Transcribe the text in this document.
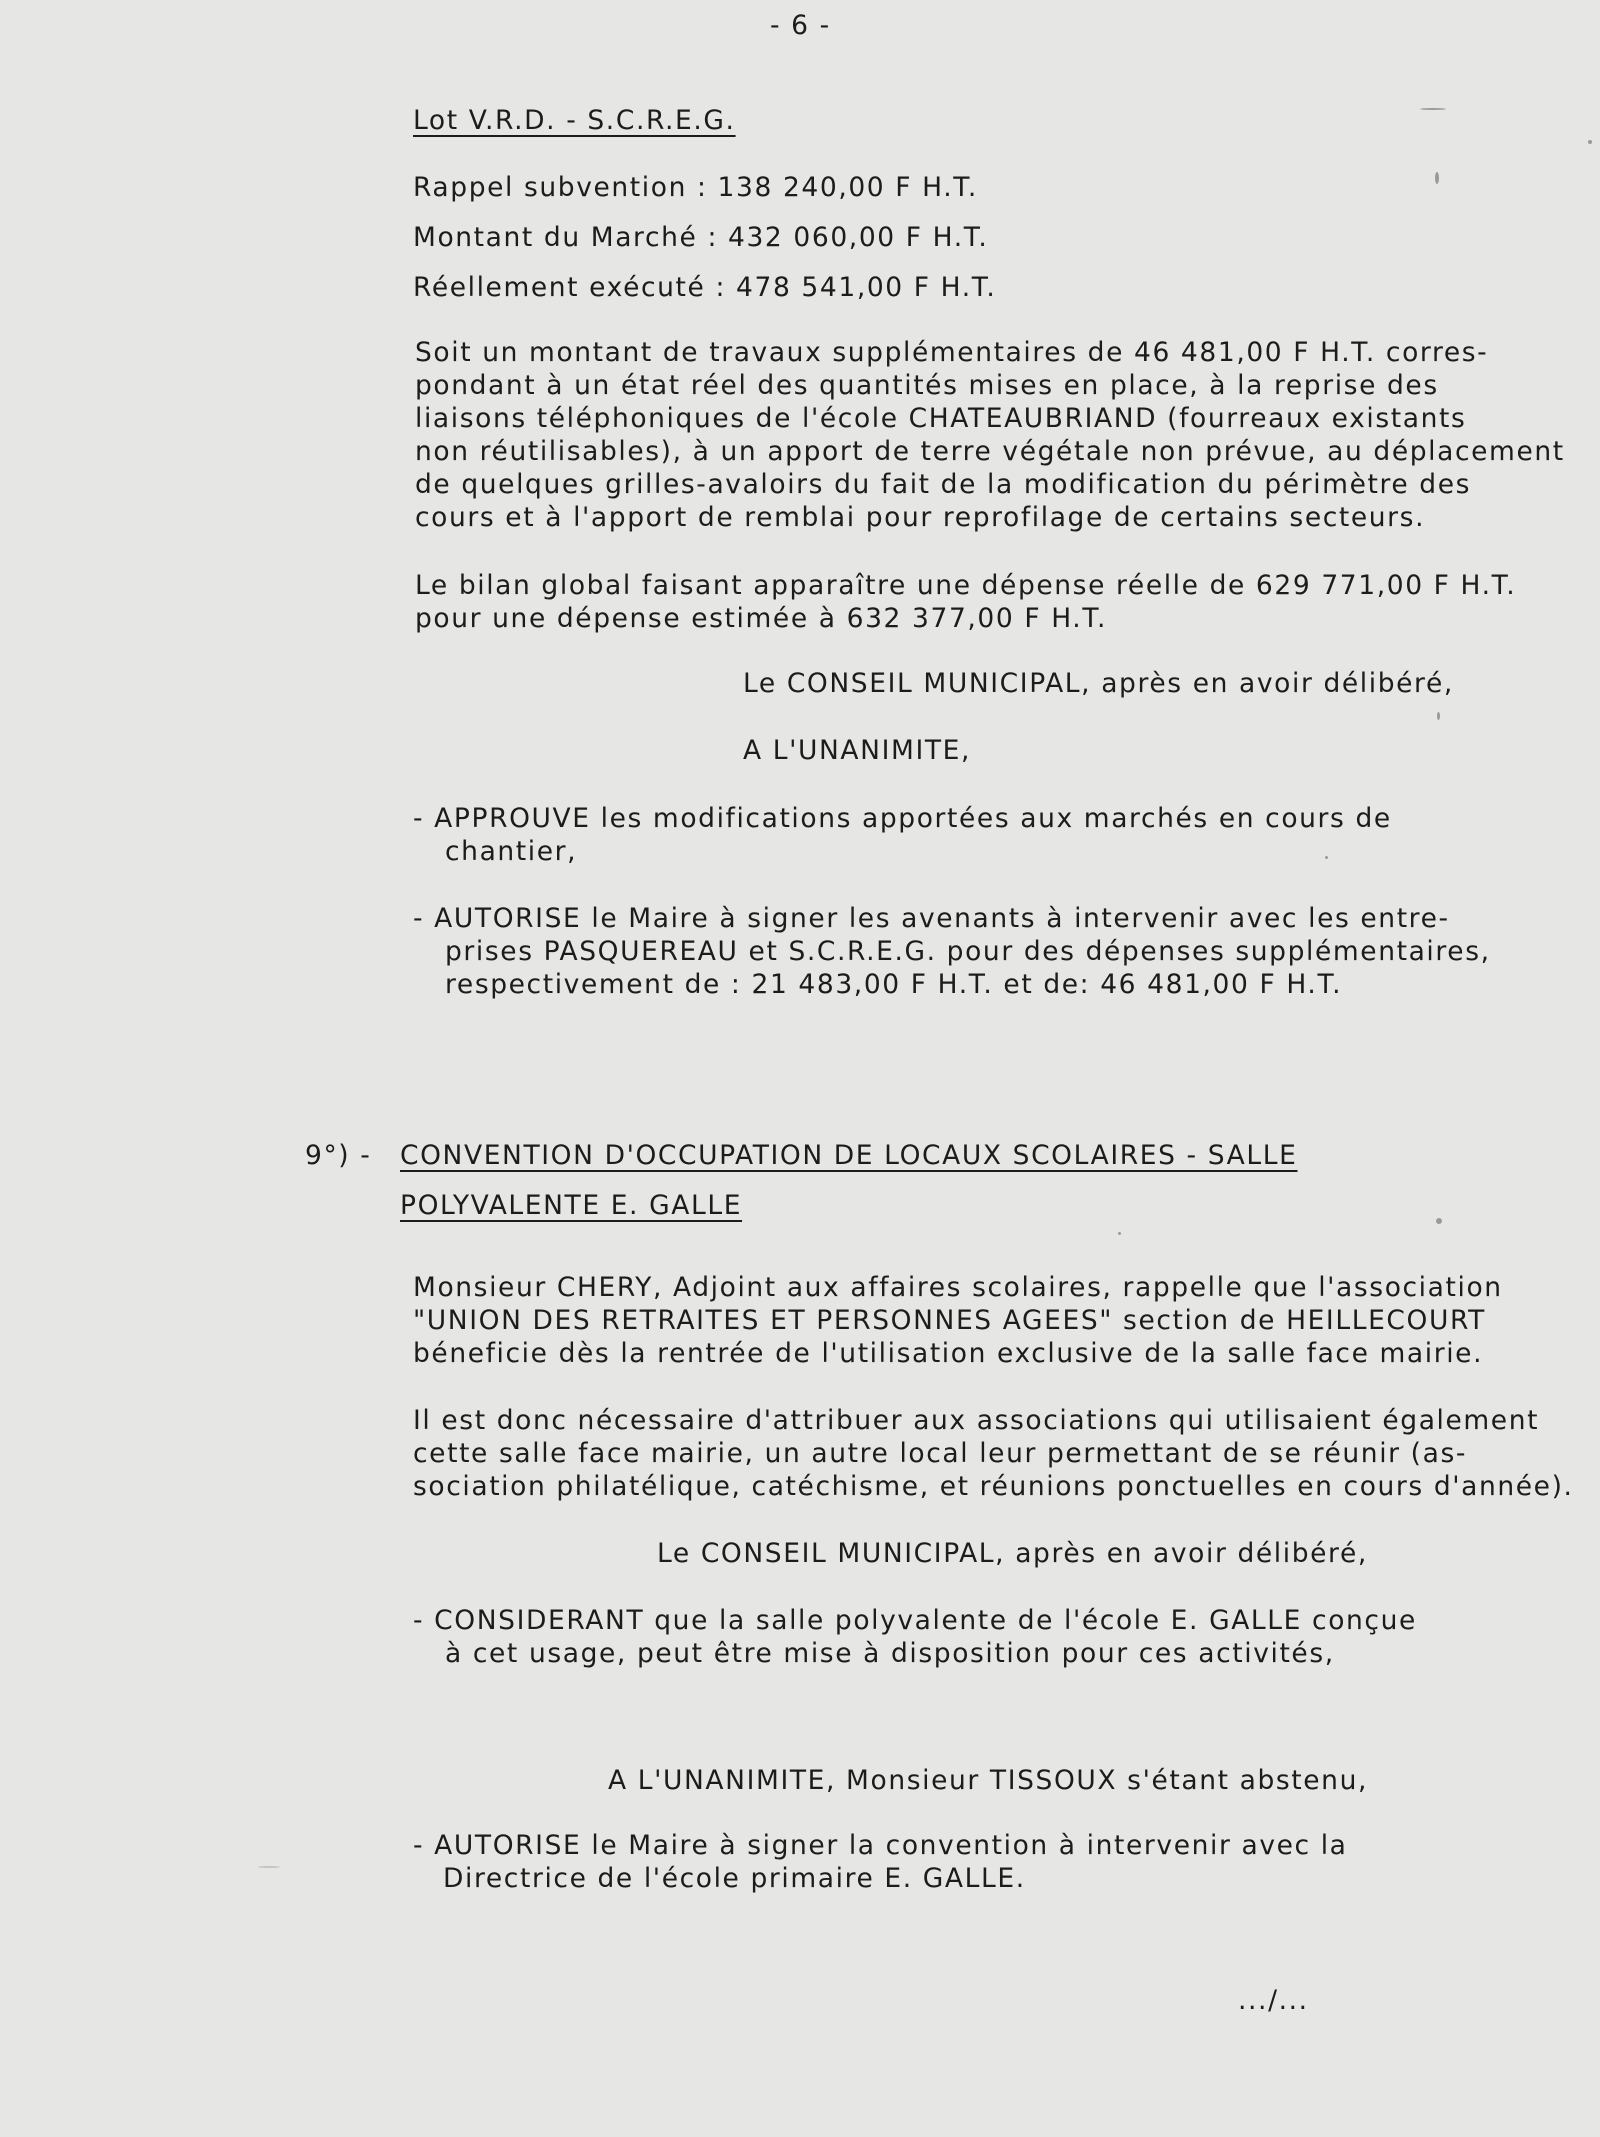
- 6 -

Lot V.R.D. - S.C.R.E.G.

Rappel subvention : 138 240,00 F H.T.

Montant du Marché : 432 060,00 F H.T.

Réellement exécuté : 478 541,00 F H.T.

Soit un montant de travaux supplémentaires de 46 481,00 F H.T. corres-

pondant à un état réel des quantités mises en place, à la reprise des

liaisons téléphoniques de l'école CHATEAUBRIAND (fourreaux existants

non réutilisables), à un apport de terre végétale non prévue, au déplacement

de quelques grilles-avaloirs du fait de la modification du périmètre des

cours et à l'apport de remblai pour reprofilage de certains secteurs.

Le bilan global faisant apparaître une dépense réelle de 629 771,00 F H.T.

pour une dépense estimée à 632 377,00 F H.T.

Le CONSEIL MUNICIPAL, après en avoir délibéré,

A L'UNANIMITE,

- APPROUVE les modifications apportées aux marchés en cours de

chantier,

- AUTORISE le Maire à signer les avenants à intervenir avec les entre-

prises PASQUEREAU et S.C.R.E.G. pour des dépenses supplémentaires,

respectivement de : 21 483,00 F H.T. et de: 46 481,00 F H.T.

9°) - CONVENTION D'OCCUPATION DE LOCAUX SCOLAIRES - SALLE

POLYVALENTE E. GALLE

Monsieur CHERY, Adjoint aux affaires scolaires, rappelle que l'association

"UNION DES RETRAITES ET PERSONNES AGEES" section de HEILLECOURT

béneficie dès la rentrée de l'utilisation exclusive de la salle face mairie.

Il est donc nécessaire d'attribuer aux associations qui utilisaient également

cette salle face mairie, un autre local leur permettant de se réunir (as-

sociation philatélique, catéchisme, et réunions ponctuelles en cours d'année).

Le CONSEIL MUNICIPAL, après en avoir délibéré,

- CONSIDERANT que la salle polyvalente de l'école E. GALLE conçue

à cet usage, peut être mise à disposition pour ces activités,

A L'UNANIMITE, Monsieur TISSOUX s'étant abstenu,

- AUTORISE le Maire à signer la convention à intervenir avec la

Directrice de l'école primaire E. GALLE.

.../...
